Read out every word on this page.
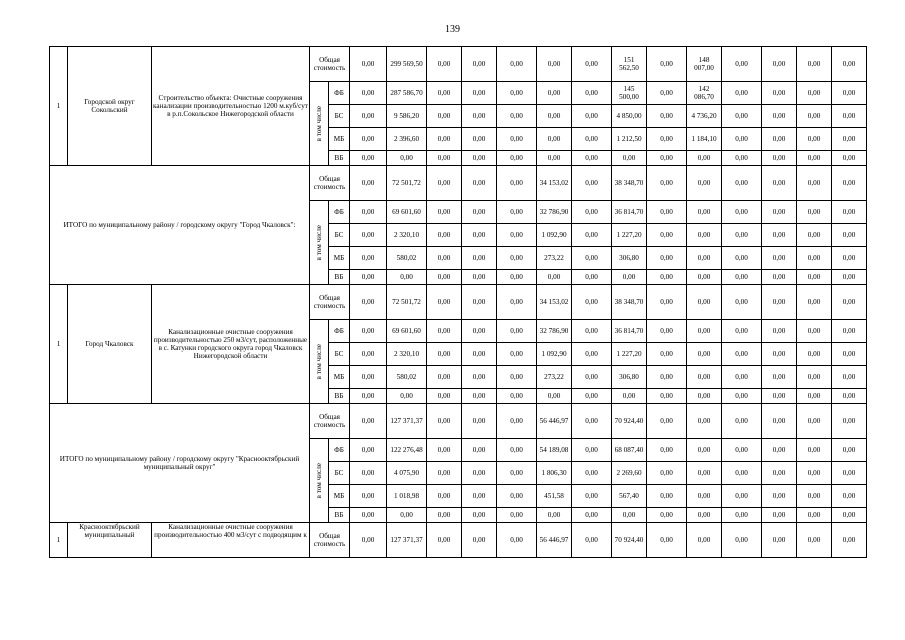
139
1	Городской округ Сокольский	Строительство объекта: Очистные сооружения канализации производительностью 1200 м.куб/сут в р.п.Сокольское Нижегородской области	Общая стоимость		0,00	299 569,50	0,00	0,00	0,00	0,00	0,00	151 562,50	0,00	148 007,00	0,00	0,00	0,00	0,00

			в том числе	ФБ	0,00	287 586,70	0,00	0,00	0,00	0,00	0,00	145 500,00	0,00	142 086,70	0,00	0,00	0,00	0,00
				БС	0,00	9 586,20	0,00	0,00	0,00	0,00	0,00	4 850,00	0,00	4 736,20	0,00	0,00	0,00	0,00
				МБ	0,00	2 396,60	0,00	0,00	0,00	0,00	0,00	1 212,50	0,00	1 184,10	0,00	0,00	0,00	0,00
				ВБ	0,00	0,00	0,00	0,00	0,00	0,00	0,00	0,00	0,00	0,00	0,00	0,00	0,00	0,00
ИТОГО по муниципальному району / городскому округу "Город Чкаловск":			Общая стоимость		0,00	72 501,72	0,00	0,00	0,00	34 153,02	0,00	38 348,70	0,00	0,00	0,00	0,00	0,00	0,00

			в том числе	ФБ	0,00	69 601,60	0,00	0,00	0,00	32 786,90	0,00	36 814,70	0,00	0,00	0,00	0,00	0,00	0,00
				БС	0,00	2 320,10	0,00	0,00	0,00	1 092,90	0,00	1 227,20	0,00	0,00	0,00	0,00	0,00	0,00
				МБ	0,00	580,02	0,00	0,00	0,00	273,22	0,00	306,80	0,00	0,00	0,00	0,00	0,00	0,00
				ВБ	0,00	0,00	0,00	0,00	0,00	0,00	0,00	0,00	0,00	0,00	0,00	0,00	0,00	0,00
1	Город Чкаловск	Канализационные очистные сооружения производительностью 250 м3/сут, расположенные в с. Катунки городского округа город Чкаловск Нижегородской области	Общая стоимость		0,00	72 501,72	0,00	0,00	0,00	34 153,02	0,00	38 348,70	0,00	0,00	0,00	0,00	0,00	0,00

			в том числе	ФБ	0,00	69 601,60	0,00	0,00	0,00	32 786,90	0,00	36 814,70	0,00	0,00	0,00	0,00	0,00	0,00
				БС	0,00	2 320,10	0,00	0,00	0,00	1 092,90	0,00	1 227,20	0,00	0,00	0,00	0,00	0,00	0,00
				МБ	0,00	580,02	0,00	0,00	0,00	273,22	0,00	306,80	0,00	0,00	0,00	0,00	0,00	0,00
				ВБ	0,00	0,00	0,00	0,00	0,00	0,00	0,00	0,00	0,00	0,00	0,00	0,00	0,00	0,00
ИТОГО по муниципальному району / городскому округу "Краснооктябрьский муниципальный округ"			Общая стоимость		0,00	127 371,37	0,00	0,00	0,00	56 446,97	0,00	70 924,40	0,00	0,00	0,00	0,00	0,00	0,00

			в том числе	ФБ	0,00	122 276,48	0,00	0,00	0,00	54 189,08	0,00	68 087,40	0,00	0,00	0,00	0,00	0,00	0,00
				БС	0,00	4 075,90	0,00	0,00	0,00	1 806,30	0,00	2 269,60	0,00	0,00	0,00	0,00	0,00	0,00
				МБ	0,00	1 018,98	0,00	0,00	0,00	451,58	0,00	567,40	0,00	0,00	0,00	0,00	0,00	0,00
				ВБ	0,00	0,00	0,00	0,00	0,00	0,00	0,00	0,00	0,00	0,00	0,00	0,00	0,00	0,00
1	Краснооктябрьский муниципальный	Канализационные очистные сооружения производительностью 400 м3/сут с подводящим к	Общая стоимость		0,00	127 371,37	0,00	0,00	0,00	56 446,97	0,00	70 924,40	0,00	0,00	0,00	0,00	0,00	0,00
